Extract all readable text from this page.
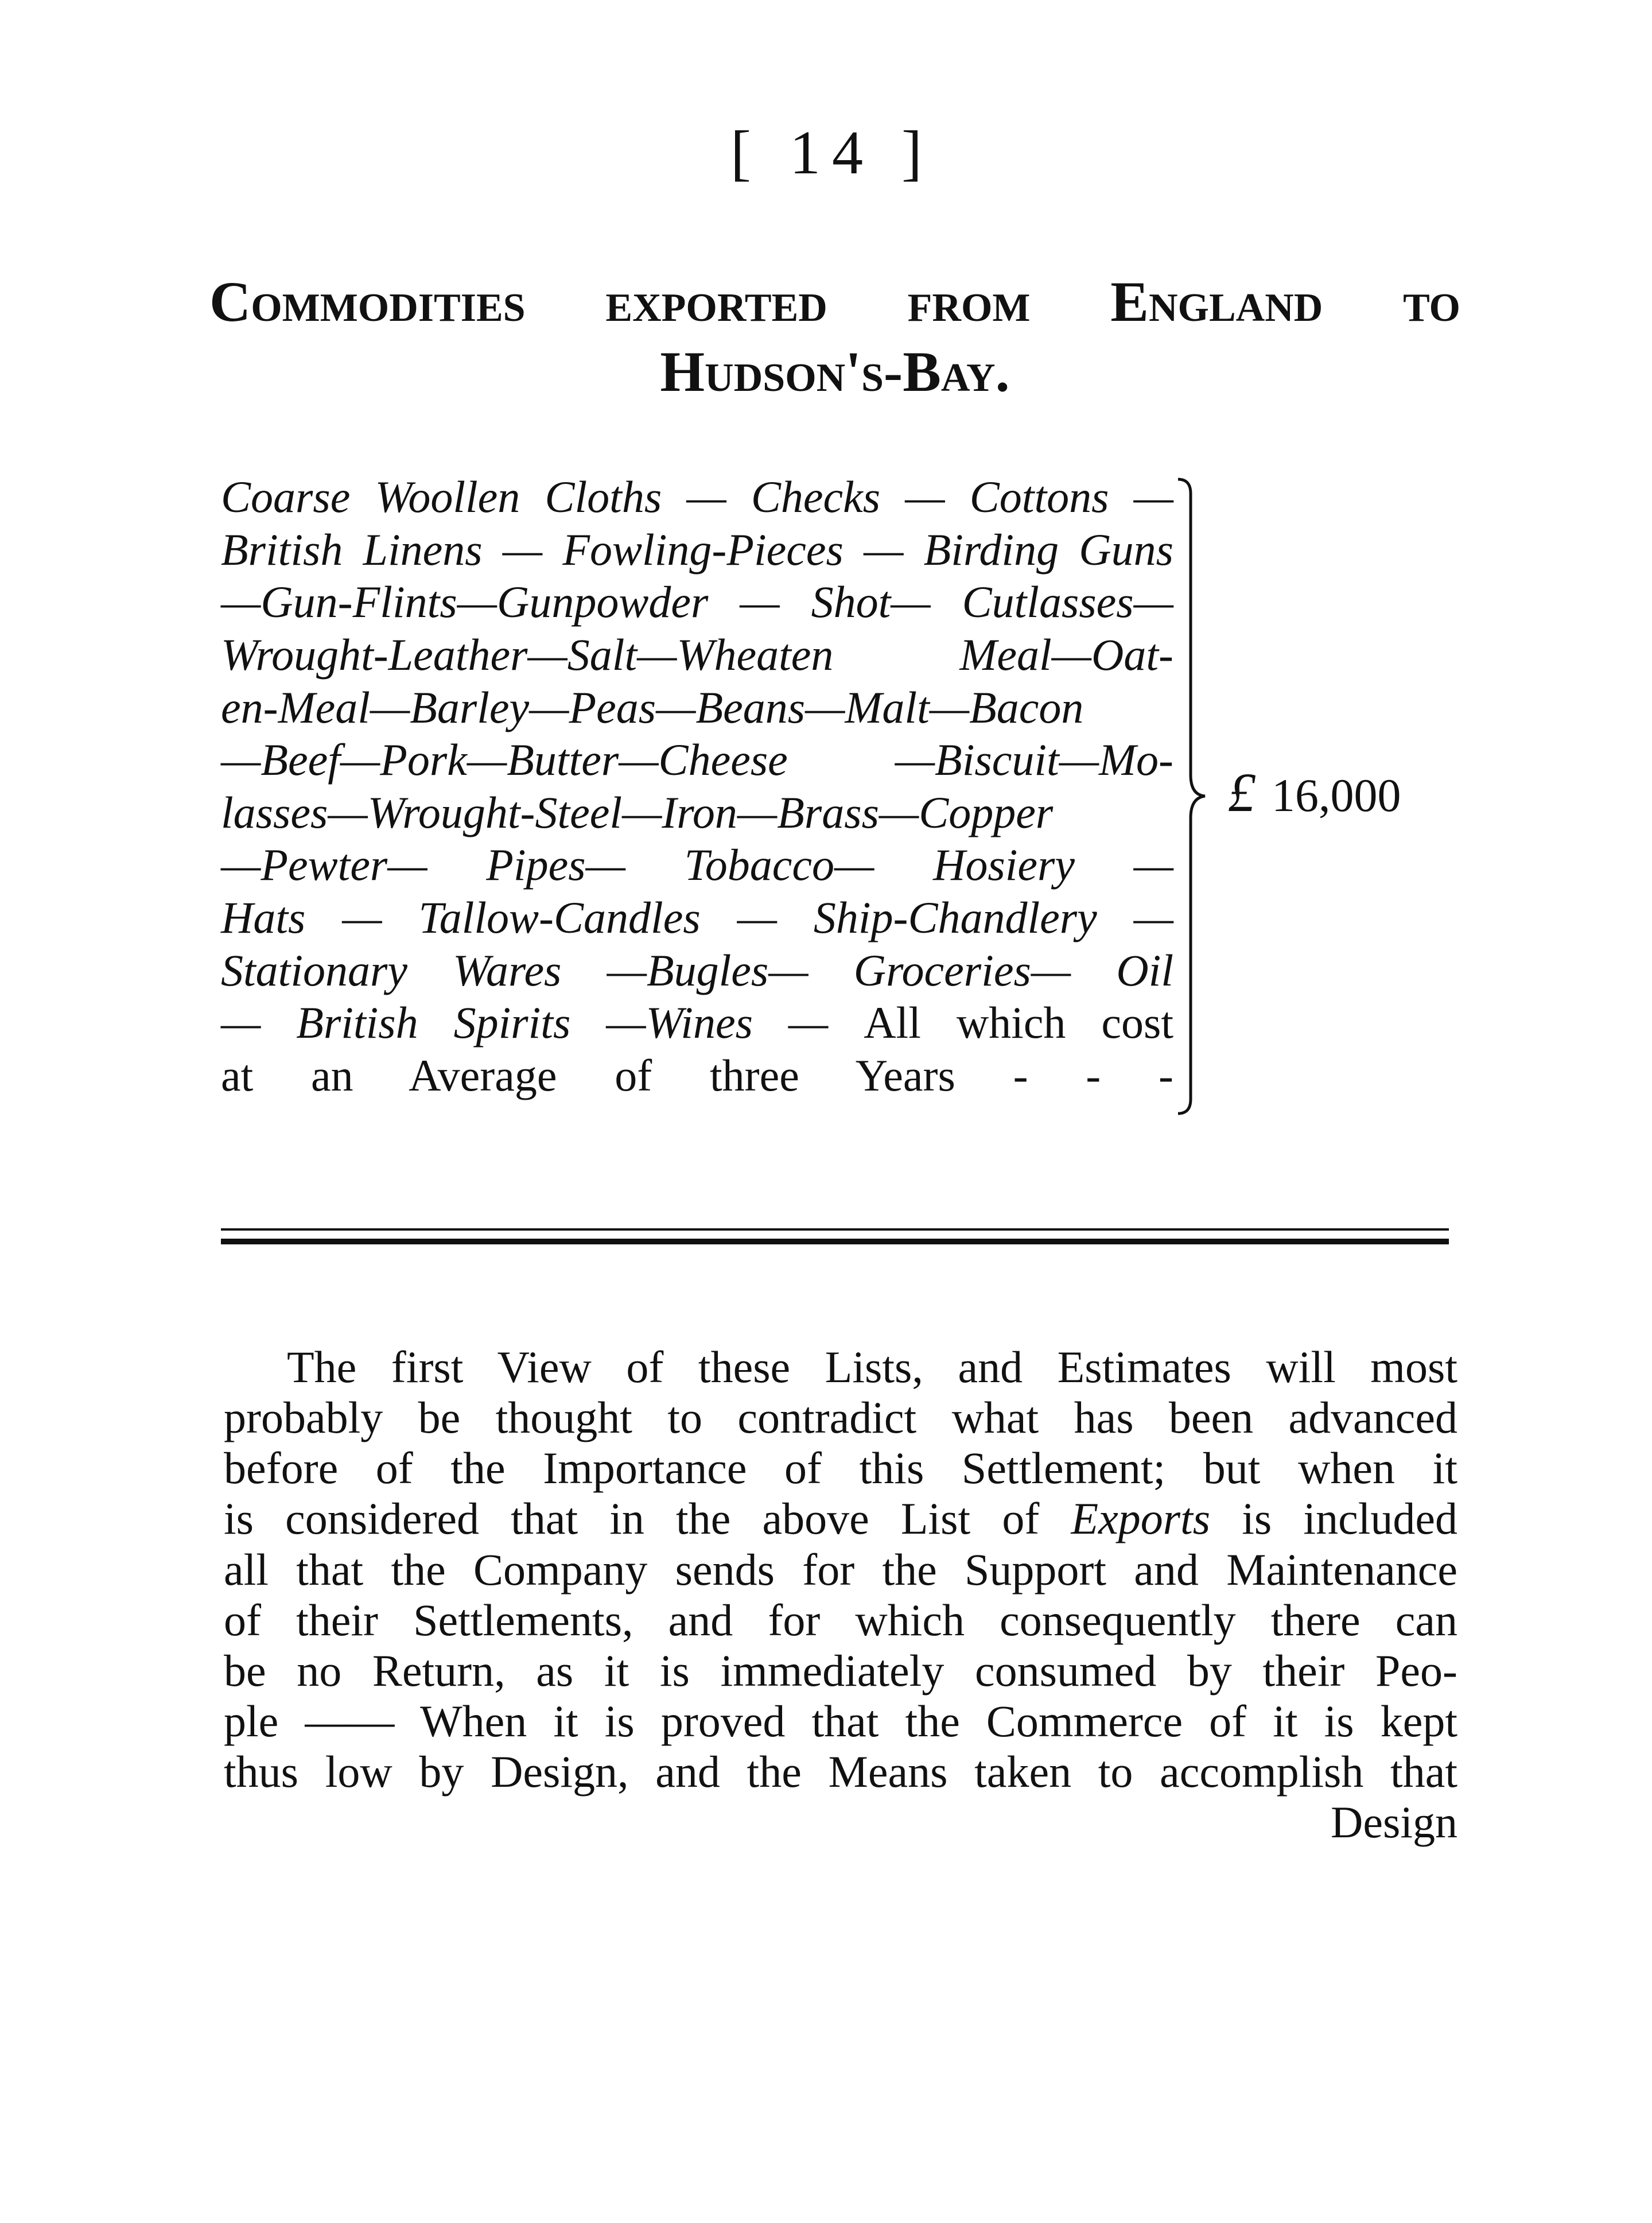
[ 14 ]
Commodities exported from England to
Hudson's-Bay.
Coarse Woollen Cloths — Checks — Cottons —
British Linens — Fowling-Pieces — Birding Guns
—Gun-Flints—Gunpowder — Shot— Cutlasses—
Wrought-Leather—Salt—Wheaten Meal—Oat-
en-Meal—Barley—Peas—Beans—Malt—Bacon
—Beef—Pork—Butter—Cheese —Biscuit—Mo-
lasses—Wrought-Steel—Iron—Brass—Copper
—Pewter— Pipes— Tobacco— Hosiery —
Hats — Tallow-Candles — Ship-Chandlery —
Stationary Wares —Bugles— Groceries— Oil
— British Spirits —Wines — All which cost
at an Average of three Years - - -
£ 16,000
The first View of these Lists, and Estimates will most
probably be thought to contradict what has been advanced
before of the Importance of this Settlement; but when it
is considered that in the above List of Exports is included
all that the Company sends for the Support and Maintenance
of their Settlements, and for which consequently there can
be no Return, as it is immediately consumed by their Peo-
ple —— When it is proved that the Commerce of it is kept
thus low by Design, and the Means taken to accomplish that
Design
